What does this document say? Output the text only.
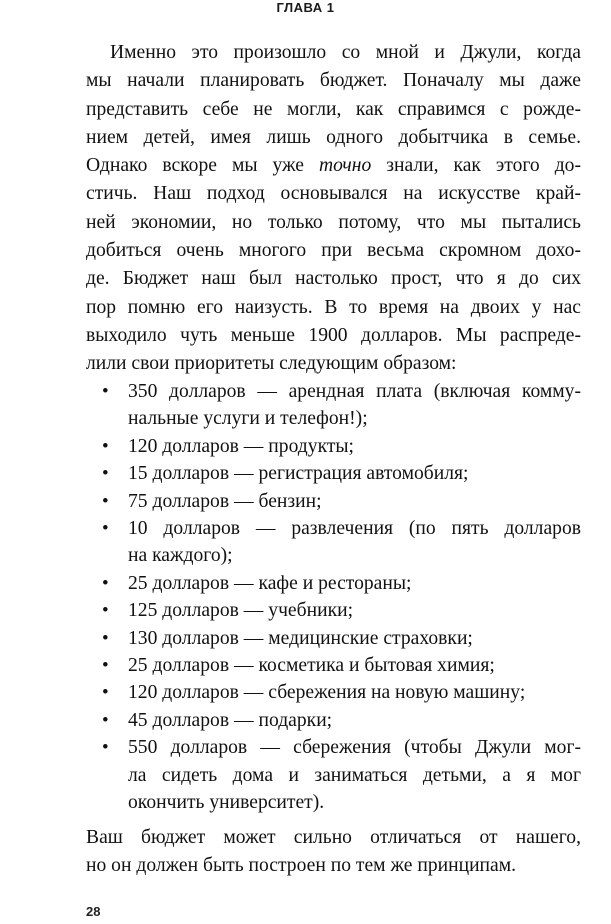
ГЛАВА 1
Именно это произошло со мной и Джули, когда
мы начали планировать бюджет. Поначалу мы даже
представить себе не могли, как справимся с рожде-
нием детей, имея лишь одного добытчика в семье.
Однако вскоре мы уже точно знали, как этого до-
стичь. Наш подход основывался на искусстве край-
ней экономии, но только потому, что мы пытались
добиться очень многого при весьма скромном дохо-
де. Бюджет наш был настолько прост, что я до сих
пор помню его наизусть. В то время на двоих у нас
выходило чуть меньше 1900 долларов. Мы распреде-
лили свои приоритеты следующим образом:
• 350 долларов — арендная плата (включая комму-
нальные услуги и телефон!);
• 120 долларов — продукты;
• 15 долларов — регистрация автомобиля;
• 75 долларов — бензин;
• 10 долларов — развлечения (по пять долларов
на каждого);
• 25 долларов — кафе и рестораны;
• 125 долларов — учебники;
• 130 долларов — медицинские страховки;
• 25 долларов — косметика и бытовая химия;
• 120 долларов — сбережения на новую машину;
• 45 долларов — подарки;
• 550 долларов — сбережения (чтобы Джули мог-
ла сидеть дома и заниматься детьми, а я мог
окончить университет).
Ваш бюджет может сильно отличаться от нашего,
но он должен быть построен по тем же принципам.
28
